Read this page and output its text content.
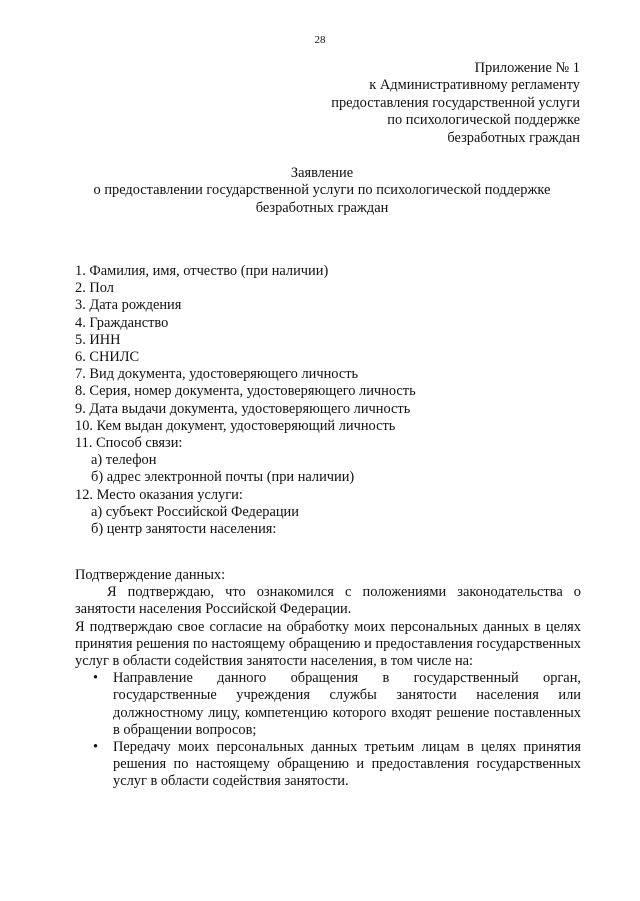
28
Приложение № 1
к Административному регламенту
предоставления государственной услуги
по психологической поддержке
безработных граждан
Заявление
о предоставлении государственной услуги по психологической поддержке
безработных граждан
1. Фамилия, имя, отчество (при наличии)
2. Пол
3. Дата рождения
4. Гражданство
5. ИНН
6. СНИЛС
7. Вид документа, удостоверяющего личность
8. Серия, номер документа, удостоверяющего личность
9. Дата выдачи документа, удостоверяющего личность
10. Кем выдан документ, удостоверяющий личность
11. Способ связи:
а) телефон
б) адрес электронной почты (при наличии)
12. Место оказания услуги:
а) субъект Российской Федерации
б) центр занятости населения:

Подтверждение данных:

Я подтверждаю, что ознакомился с положениями законодательства о занятости населения Российской Федерации.

Я подтверждаю свое согласие на обработку моих персональных данных в целях принятия решения по настоящему обращению и предоставления государственных услуг в области содействия занятости населения, в том числе на:

• Направление данного обращения в государственный орган, государственные учреждения службы занятости населения или должностному лицу, компетенцию которого входят решение поставленных в обращении вопросов;
• Передачу моих персональных данных третьим лицам в целях принятия решения по настоящему обращению и предоставления государственных услуг в области содействия занятости.
